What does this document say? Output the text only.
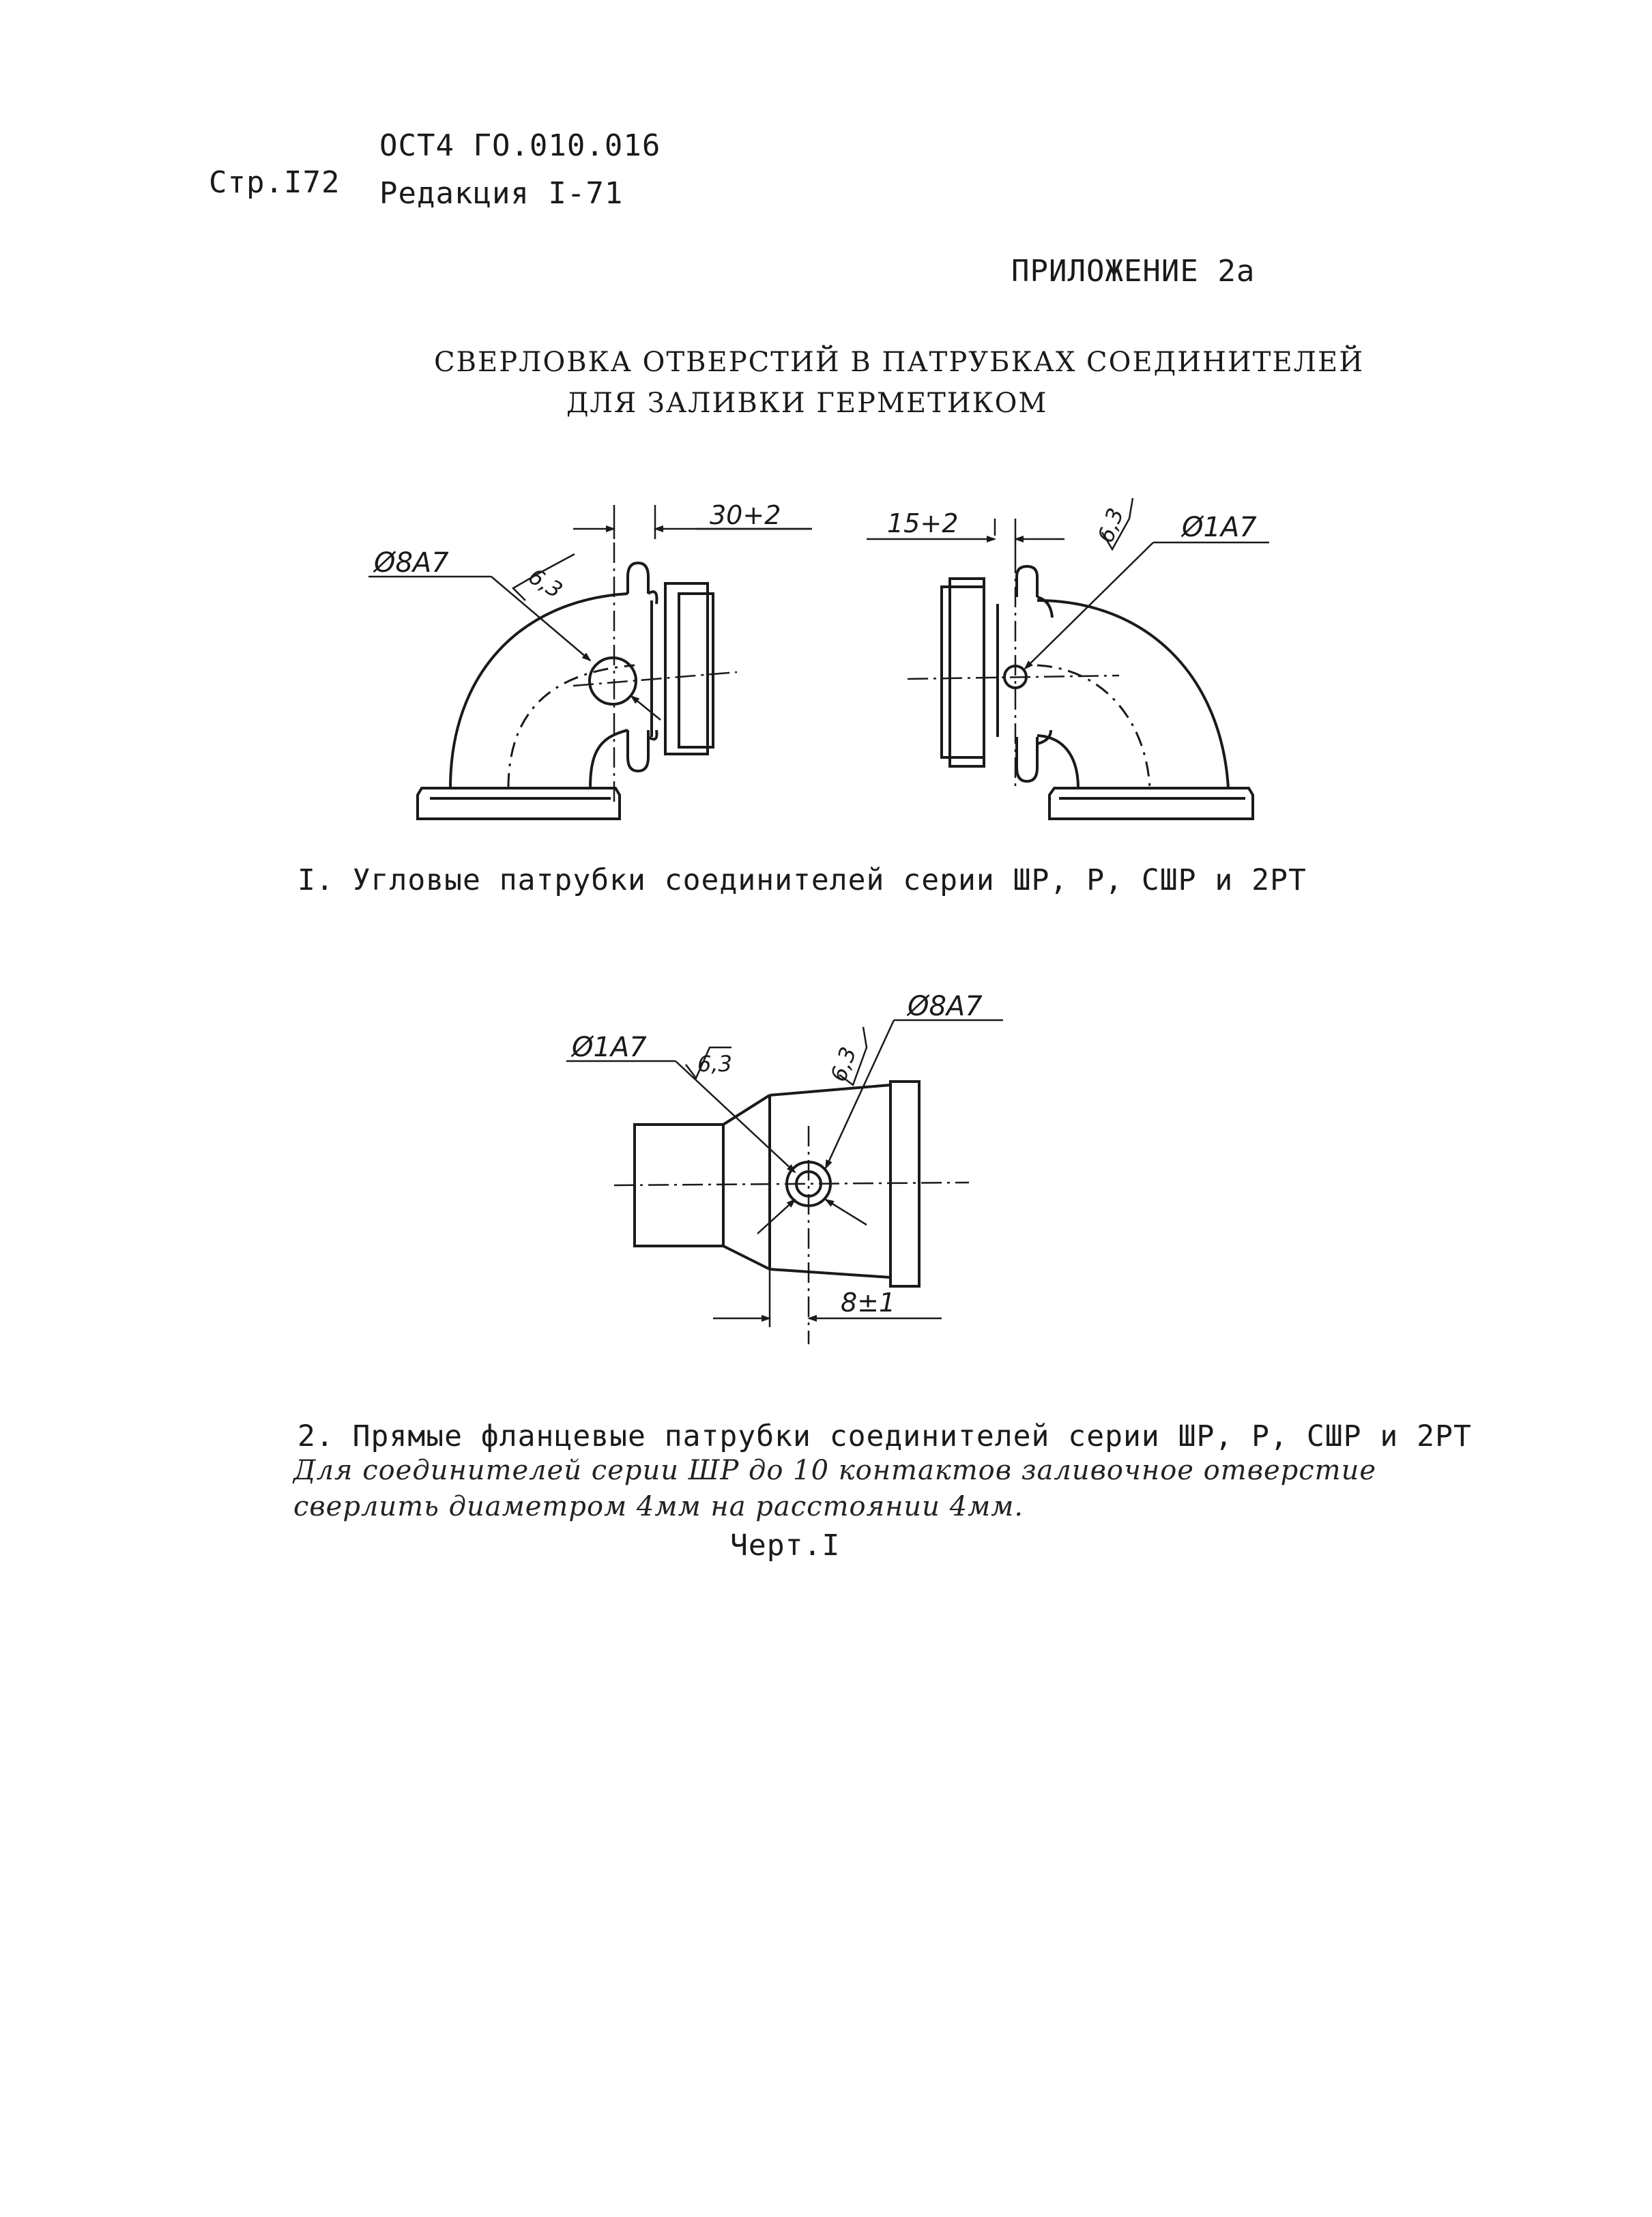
ОСТ4 ГО.010.016
Стр.I72 Редакция I-71
ПРИЛОЖЕНИЕ 2а
СВЕРЛОВКА ОТВЕРСТИЙ В ПАТРУБКАХ СОЕДИНИТЕЛЕЙ
ДЛЯ ЗАЛИВКИ ГЕРМЕТИКОМ
30+2
Ø8A7
6,3
15+2	Ø1A7
6,3
Ø1A7
6,3	6,3
Ø8A7
8±1
I. Угловые патрубки соединителей серии ШР, Р, СШР и 2РТ
2. Прямые фланцевые патрубки соединителей серии ШР, Р, СШР и 2РТ
Для соединителей серии ШР до 10 контактов заливочное отверстие
сверлить диаметром 4мм на расстоянии 4мм.
Черт.I
